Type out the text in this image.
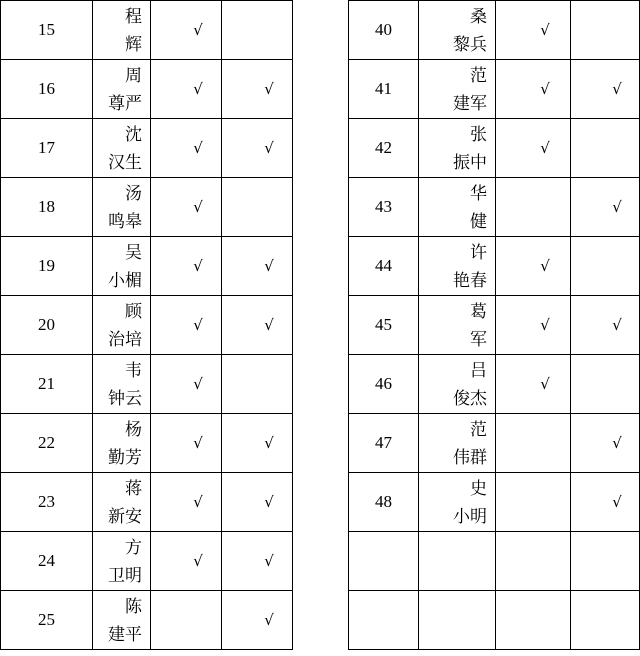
15	程
辉	√	
16	周
尊严	√	√
17	沈
汉生	√	√
18	汤
鸣皋	√	
19	吴
小楣	√	√
20	顾
治培	√	√
21	韦
钟云	√	
22	杨
勤芳	√	√
23	蒋
新安	√	√
24	方
卫明	√	√
25	陈
建平		√
40	桑
黎兵	√	
41	范
建军	√	√
42	张
振中	√	
43	华
健		√
44	许
艳春	√	
45	葛
军	√	√
46	吕
俊杰	√	
47	范
伟群		√
48	史
小明		√
